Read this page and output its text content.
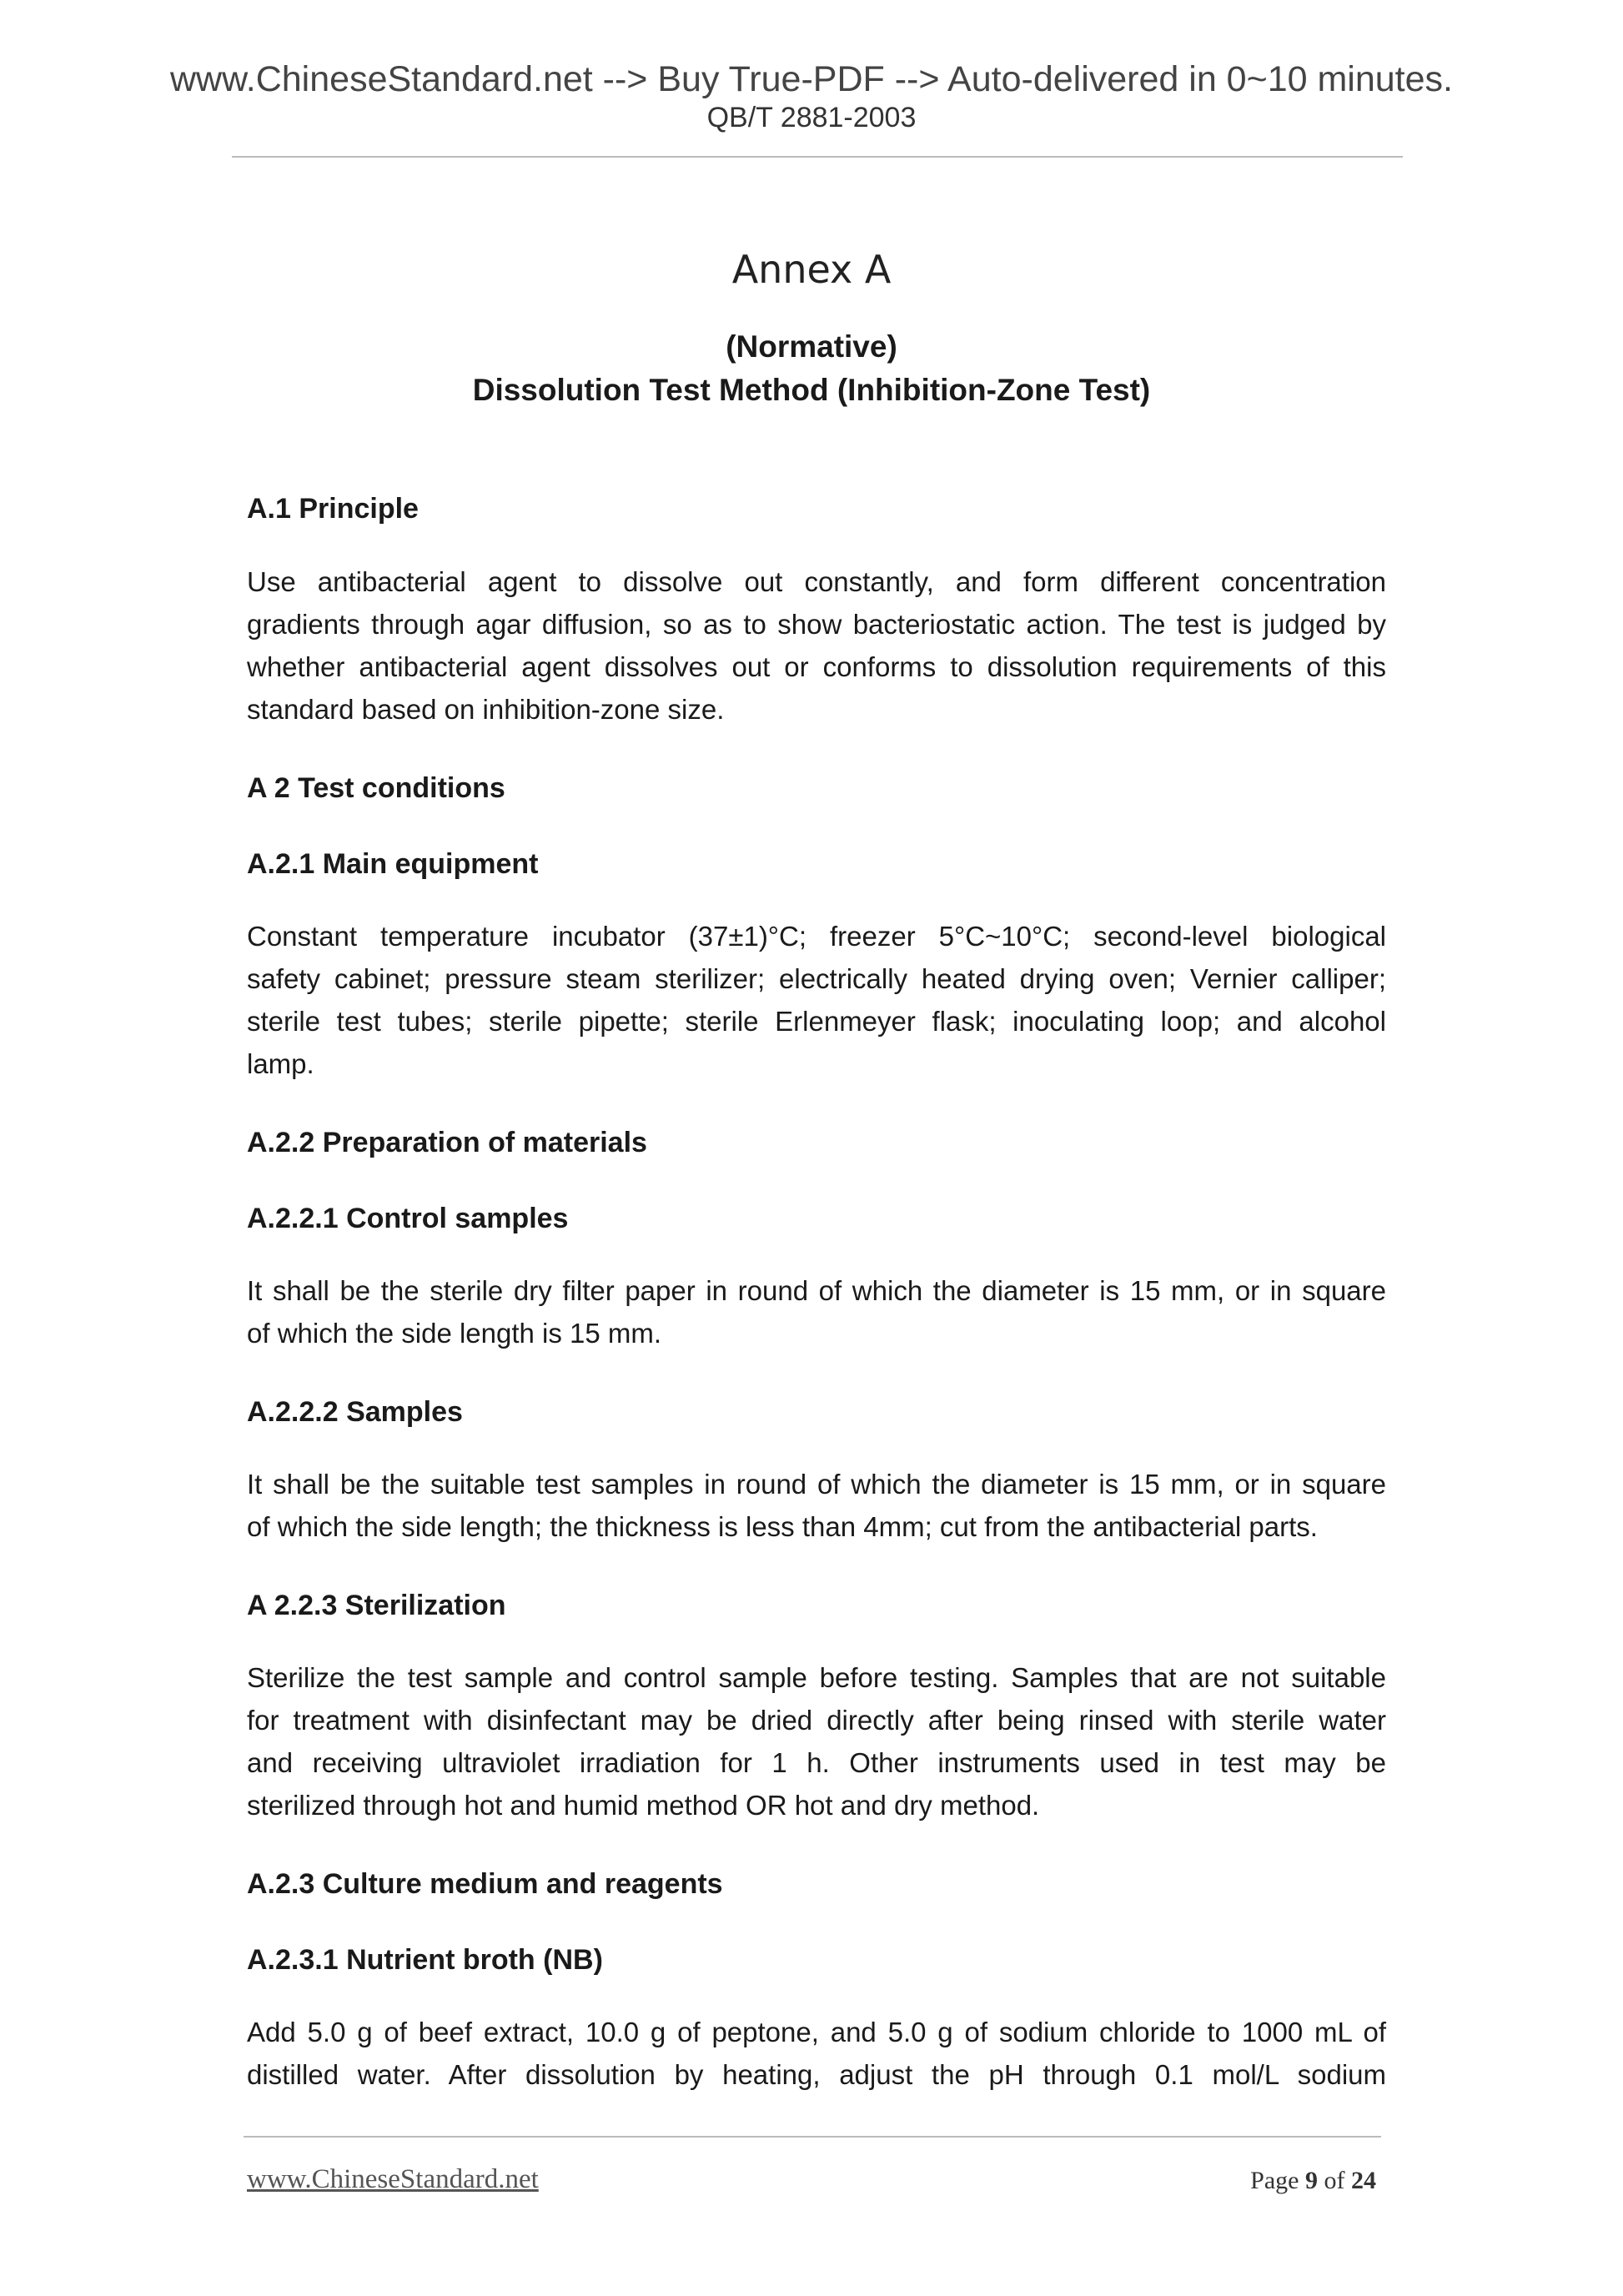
www.ChineseStandard.net --> Buy True-PDF --> Auto-delivered in 0~10 minutes.
QB/T 2881-2003
Annex A
(Normative)
Dissolution Test Method (Inhibition-Zone Test)
A.1 Principle
Use antibacterial agent to dissolve out constantly, and form different concentration
gradients through agar diffusion, so as to show bacteriostatic action. The test is judged by
whether antibacterial agent dissolves out or conforms to dissolution requirements of this
standard based on inhibition-zone size.
A 2 Test conditions
A.2.1 Main equipment
Constant temperature incubator (37±1)°C; freezer 5°C~10°C; second-level biological
safety cabinet; pressure steam sterilizer; electrically heated drying oven; Vernier calliper;
sterile test tubes; sterile pipette; sterile Erlenmeyer flask; inoculating loop; and alcohol
lamp.
A.2.2 Preparation of materials
A.2.2.1 Control samples
It shall be the sterile dry filter paper in round of which the diameter is 15 mm, or in square
of which the side length is 15 mm.
A.2.2.2 Samples
It shall be the suitable test samples in round of which the diameter is 15 mm, or in square
of which the side length; the thickness is less than 4mm; cut from the antibacterial parts.
A 2.2.3 Sterilization
Sterilize the test sample and control sample before testing. Samples that are not suitable
for treatment with disinfectant may be dried directly after being rinsed with sterile water
and receiving ultraviolet irradiation for 1 h. Other instruments used in test may be
sterilized through hot and humid method OR hot and dry method.
A.2.3 Culture medium and reagents
A.2.3.1 Nutrient broth (NB)
Add 5.0 g of beef extract, 10.0 g of peptone, and 5.0 g of sodium chloride to 1000 mL of
distilled water. After dissolution by heating, adjust the pH through 0.1 mol/L sodium
www.ChineseStandard.net	Page 9 of 24
